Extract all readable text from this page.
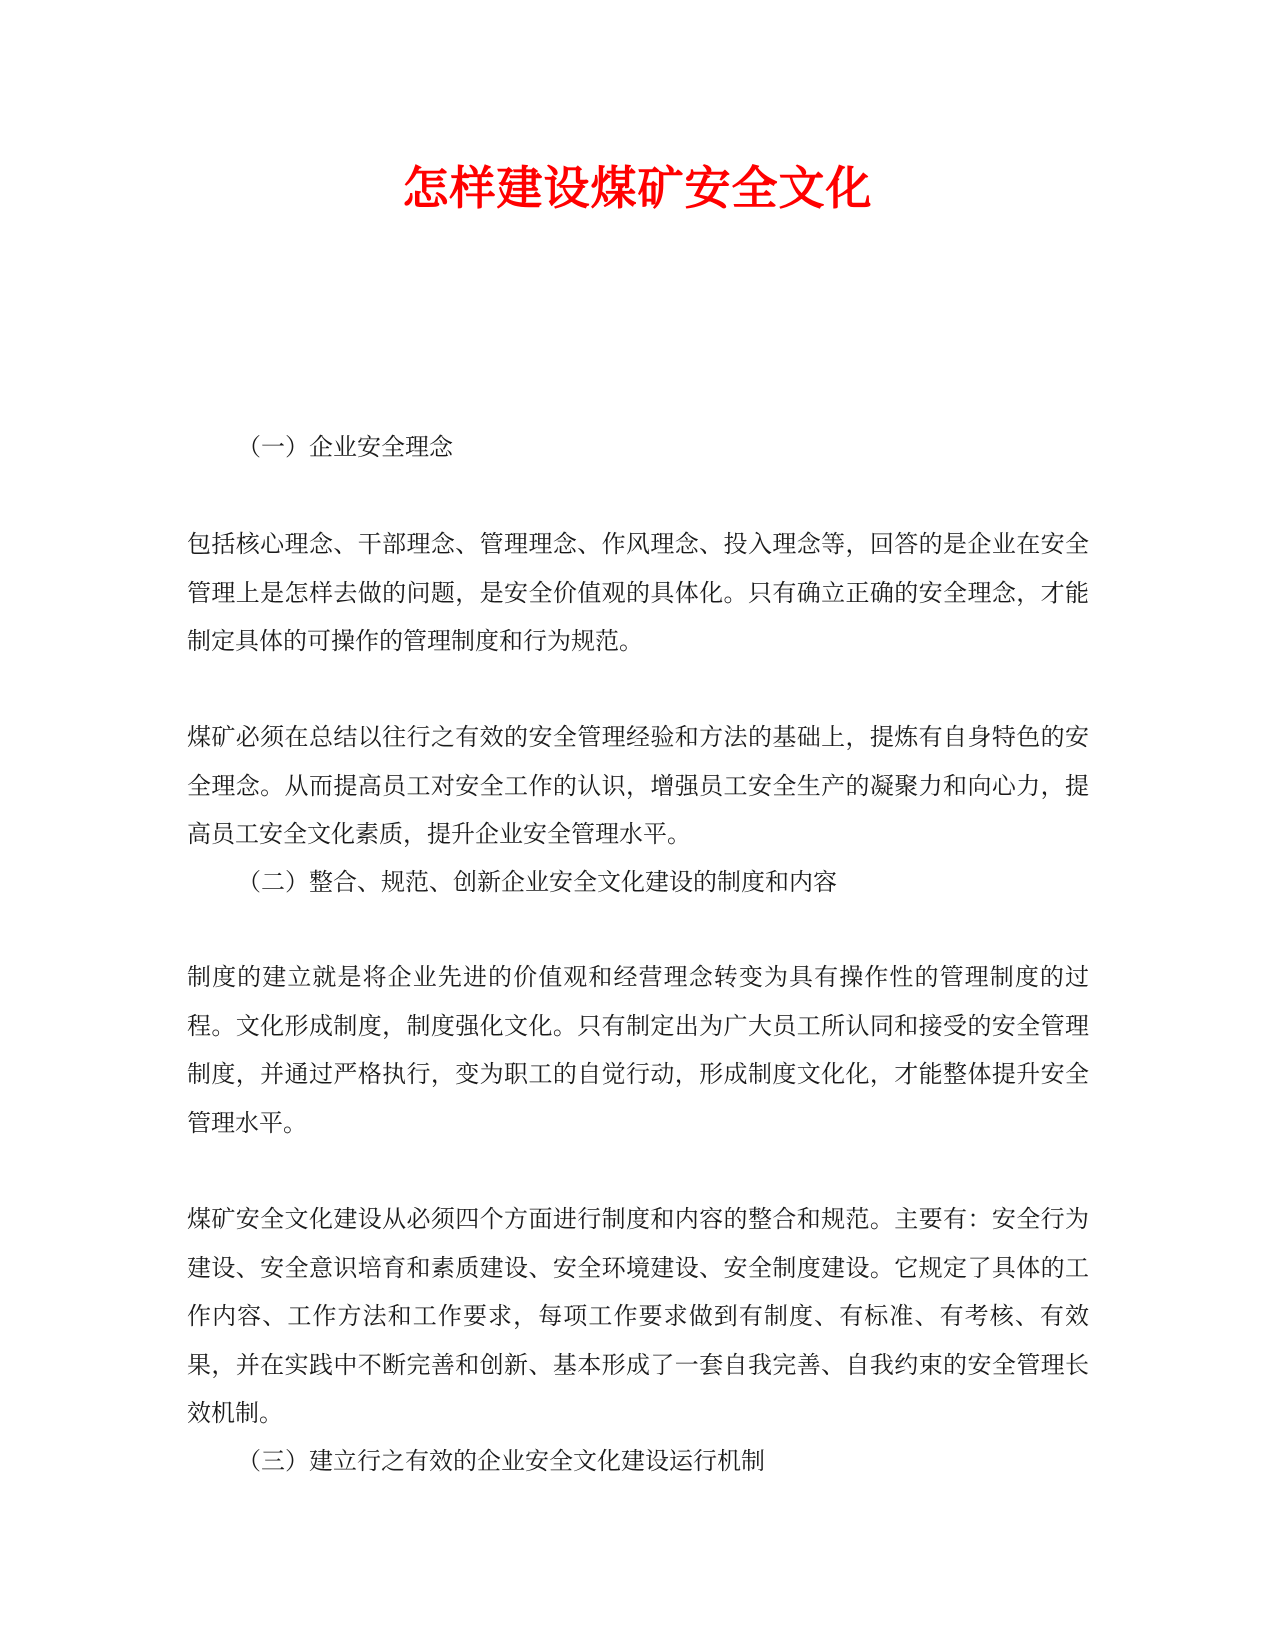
怎样建设煤矿安全文化
（一）企业安全理念
包括核心理念、干部理念、管理理念、作风理念、投入理念等，回答的是企业在安全管理上是怎样去做的问题，是安全价值观的具体化。只有确立正确的安全理念，才能制定具体的可操作的管理制度和行为规范。
煤矿必须在总结以往行之有效的安全管理经验和方法的基础上，提炼有自身特色的安全理念。从而提高员工对安全工作的认识，增强员工安全生产的凝聚力和向心力，提高员工安全文化素质，提升企业安全管理水平。
（二）整合、规范、创新企业安全文化建设的制度和内容
制度的建立就是将企业先进的价值观和经营理念转变为具有操作性的管理制度的过程。文化形成制度，制度强化文化。只有制定出为广大员工所认同和接受的安全管理制度，并通过严格执行，变为职工的自觉行动，形成制度文化化，才能整体提升安全管理水平。
煤矿安全文化建设从必须四个方面进行制度和内容的整合和规范。主要有：安全行为建设、安全意识培育和素质建设、安全环境建设、安全制度建设。它规定了具体的工作内容、工作方法和工作要求，每项工作要求做到有制度、有标准、有考核、有效果，并在实践中不断完善和创新、基本形成了一套自我完善、自我约束的安全管理长效机制。
（三）建立行之有效的企业安全文化建设运行机制
